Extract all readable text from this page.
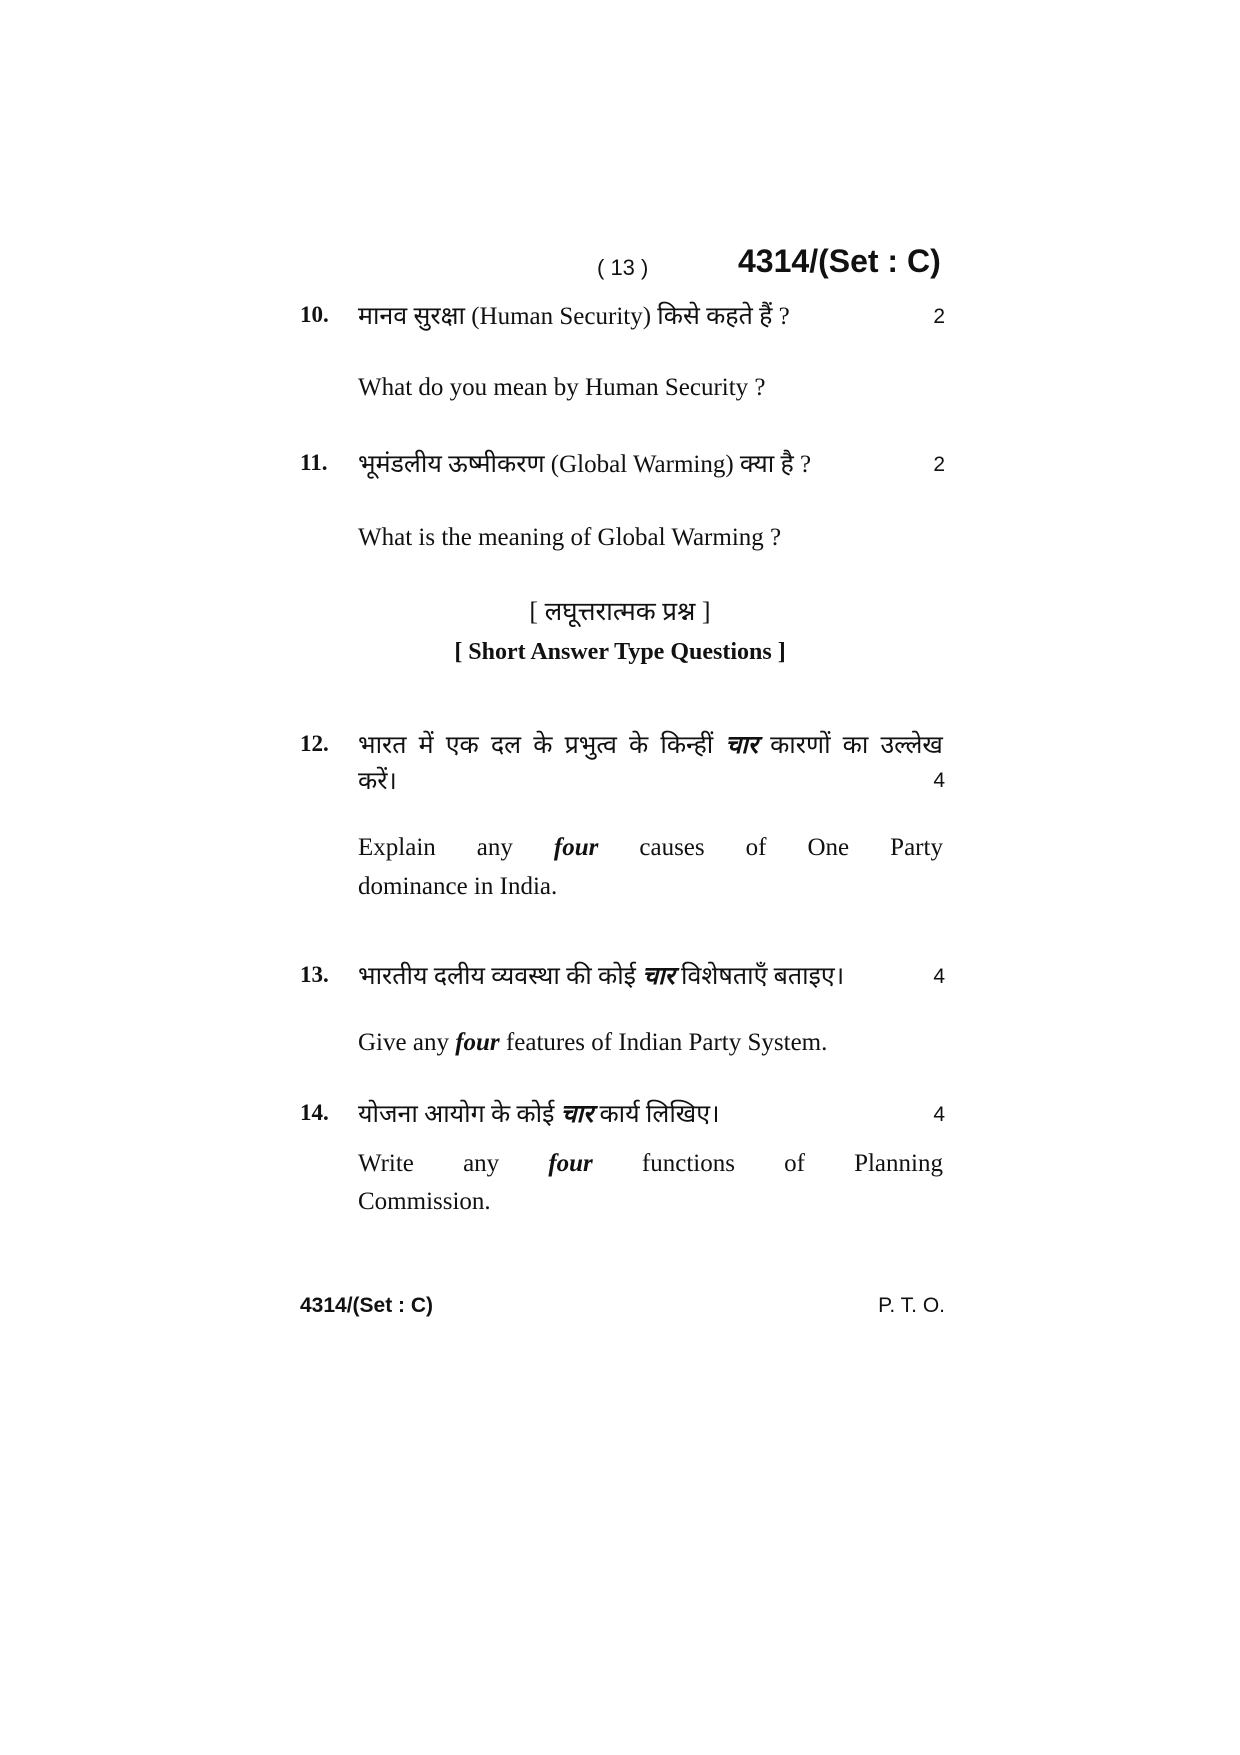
( 13 )	4314/(Set : C)
10. मानव सुरक्षा (Human Security) किसे कहते हैं ?	2
What do you mean by Human Security ?
11. भूमंडलीय ऊष्मीकरण (Global Warming) क्या है ?	2
What is the meaning of Global Warming ?
[ लघूत्तरात्मक प्रश्न ]
[ Short Answer Type Questions ]
12. भारत में एक दल के प्रभुत्व के किन्हीं चार कारणों का उल्लेख
करें।	4
Explain any four causes of One Party
dominance in India.
13. भारतीय दलीय व्यवस्था की कोई चार विशेषताएँ बताइए।	4
Give any four features of Indian Party System.
14. योजना आयोग के कोई चार कार्य लिखिए।	4
Write any four functions of Planning
Commission.
4314/(Set : C)	P. T. O.
